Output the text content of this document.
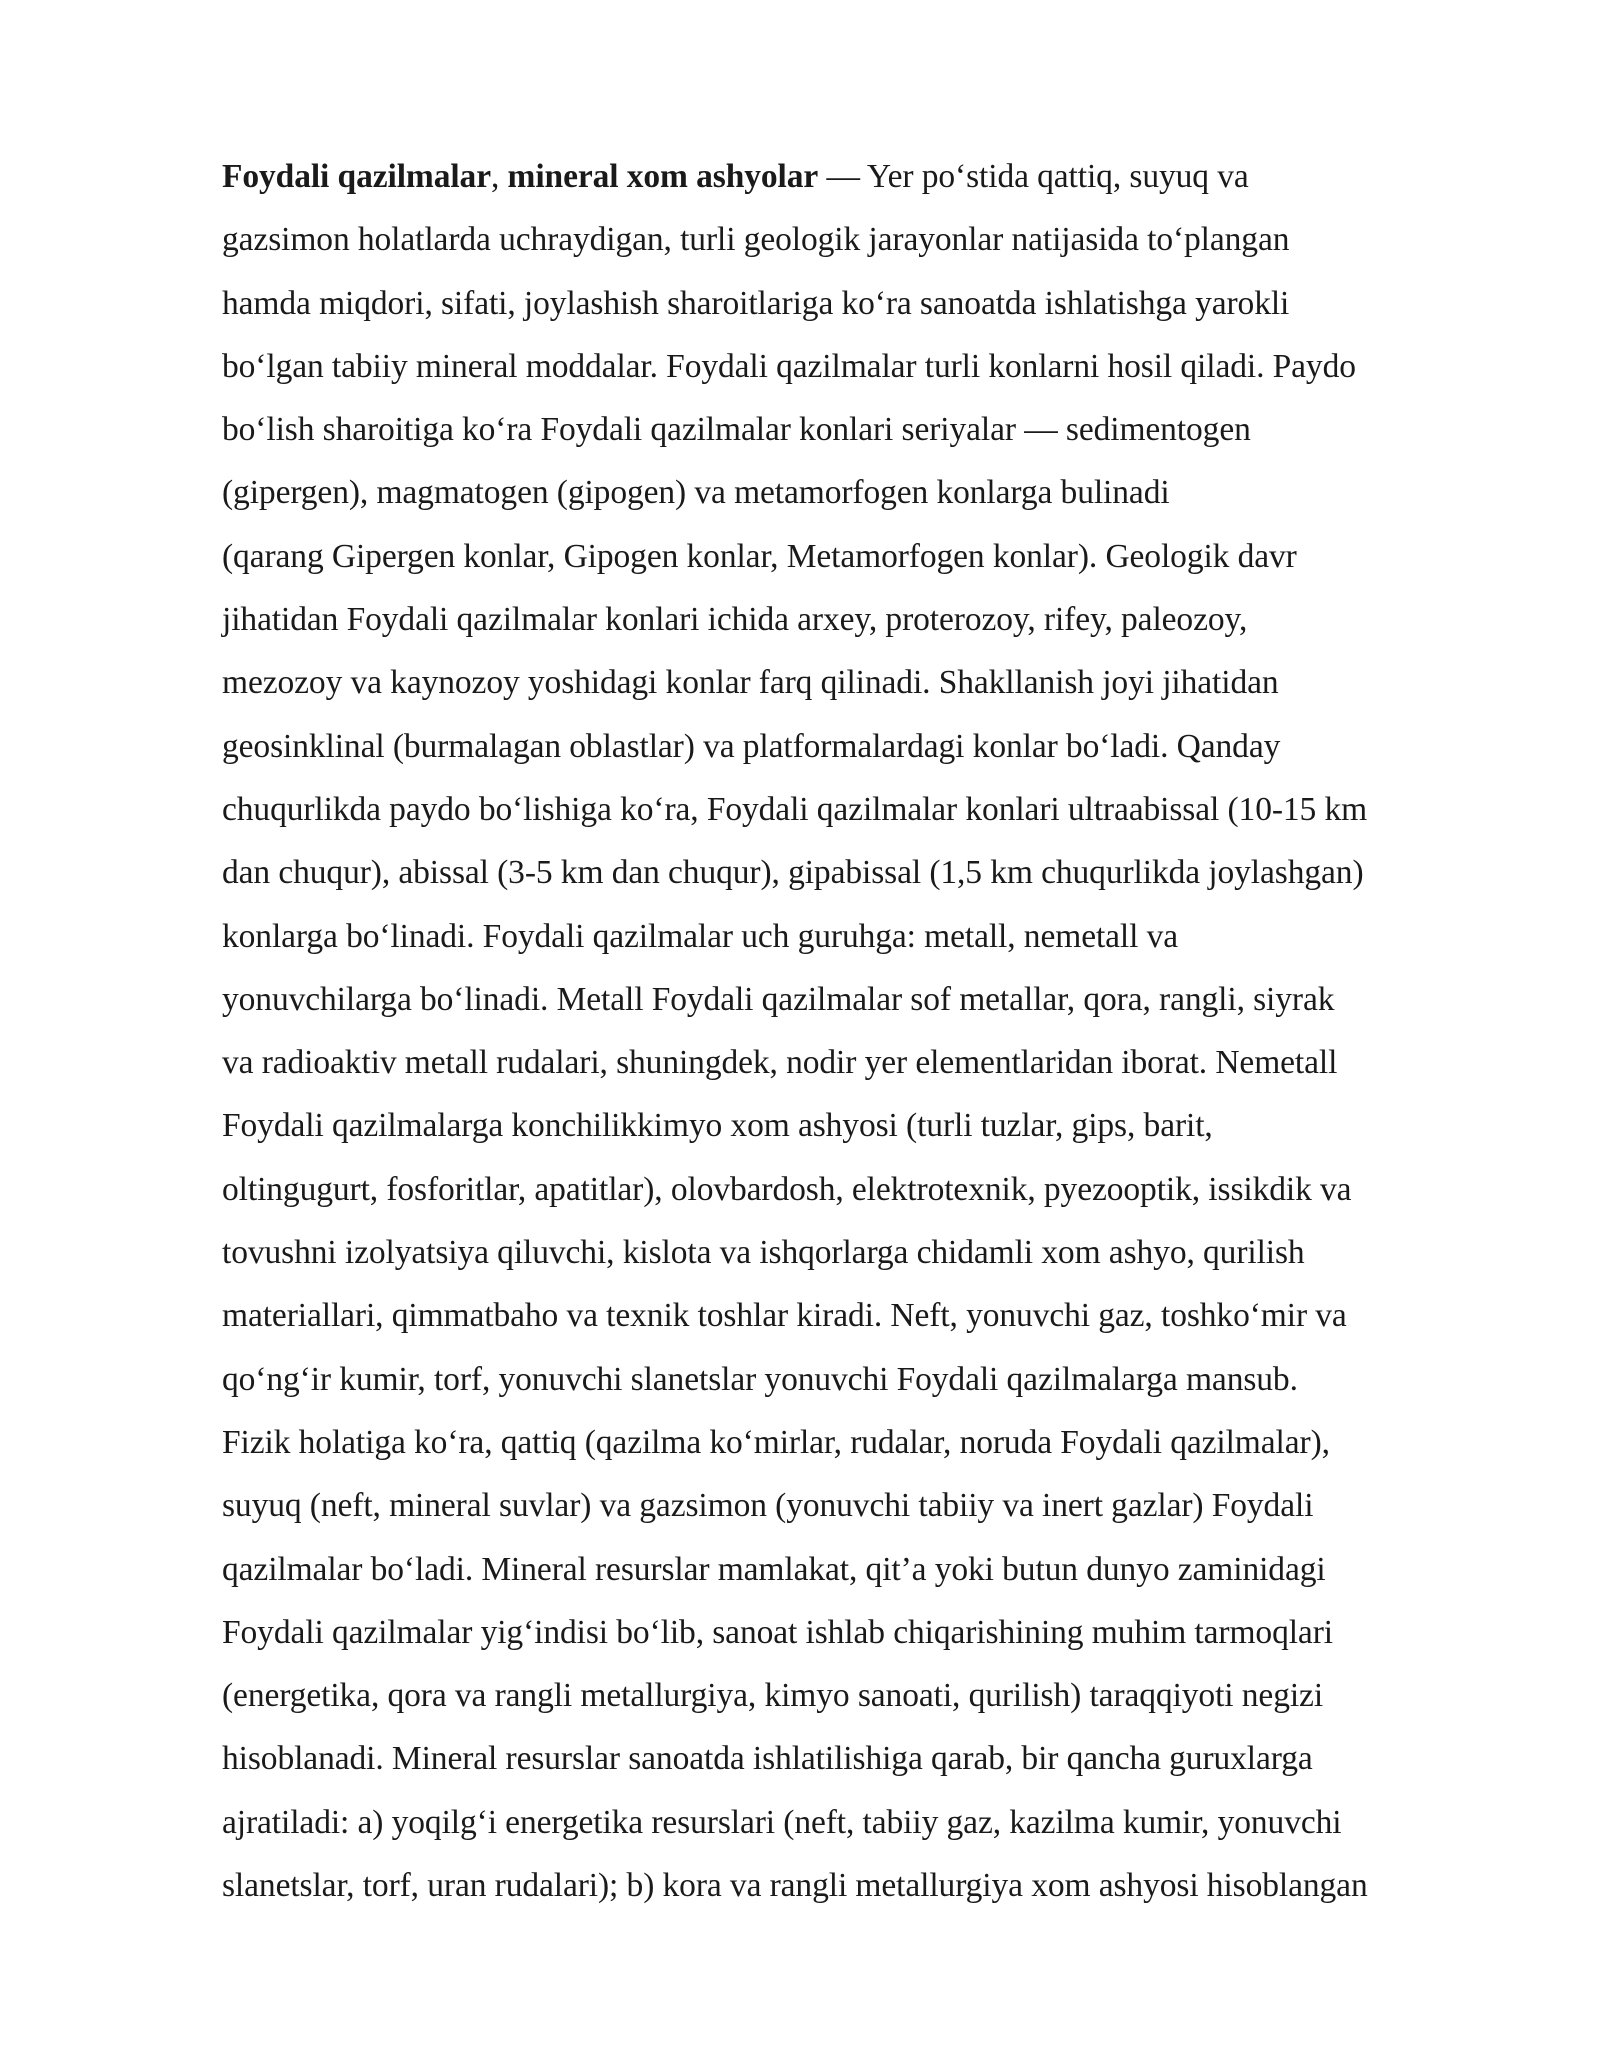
Foydali qazilmalar, mineral xom ashyolar — Yer po‘stida qattiq, suyuq va
gazsimon holatlarda uchraydigan, turli geologik jarayonlar natijasida to‘plangan
hamda miqdori, sifati, joylashish sharoitlariga ko‘ra sanoatda ishlatishga yarokli
bo‘lgan tabiiy mineral moddalar. Foydali qazilmalar turli konlarni hosil qiladi. Paydo
bo‘lish sharoitiga ko‘ra Foydali qazilmalar konlari seriyalar — sedimentogen
(gipergen), magmatogen (gipogen) va metamorfogen konlarga bulinadi
(qarang Gipergen konlar, Gipogen konlar, Metamorfogen konlar). Geologik davr
jihatidan Foydali qazilmalar konlari ichida arxey, proterozoy, rifey, paleozoy,
mezozoy va kaynozoy yoshidagi konlar farq qilinadi. Shakllanish joyi jihatidan
geosinklinal (burmalagan oblastlar) va platformalardagi konlar bo‘ladi. Qanday
chuqurlikda paydo bo‘lishiga ko‘ra, Foydali qazilmalar konlari ultraabissal (10-15 km
dan chuqur), abissal (3-5 km dan chuqur), gipabissal (1,5 km chuqurlikda joylashgan)
konlarga bo‘linadi. Foydali qazilmalar uch guruhga: metall, nemetall va
yonuvchilarga bo‘linadi. Metall Foydali qazilmalar sof metallar, qora, rangli, siyrak
va radioaktiv metall rudalari, shuningdek, nodir yer elementlaridan iborat. Nemetall
Foydali qazilmalarga konchilikkimyo xom ashyosi (turli tuzlar, gips, barit,
oltingugurt, fosforitlar, apatitlar), olovbardosh, elektrotexnik, pyezooptik, issikdik va
tovushni izolyatsiya qiluvchi, kislota va ishqorlarga chidamli xom ashyo, qurilish
materiallari, qimmatbaho va texnik toshlar kiradi. Neft, yonuvchi gaz, toshko‘mir va
qo‘ng‘ir kumir, torf, yonuvchi slanetslar yonuvchi Foydali qazilmalarga mansub.
Fizik holatiga ko‘ra, qattiq (qazilma ko‘mirlar, rudalar, noruda Foydali qazilmalar),
suyuq (neft, mineral suvlar) va gazsimon (yonuvchi tabiiy va inert gazlar) Foydali
qazilmalar bo‘ladi. Mineral resurslar mamlakat, qit’a yoki butun dunyo zaminidagi
Foydali qazilmalar yig‘indisi bo‘lib, sanoat ishlab chiqarishining muhim tarmoqlari
(energetika, qora va rangli metallurgiya, kimyo sanoati, qurilish) taraqqiyoti negizi
hisoblanadi. Mineral resurslar sanoatda ishlatilishiga qarab, bir qancha guruxlarga
ajratiladi: a) yoqilg‘i energetika resurslari (neft, tabiiy gaz, kazilma kumir, yonuvchi
slanetslar, torf, uran rudalari); b) kora va rangli metallurgiya xom ashyosi hisoblangan
